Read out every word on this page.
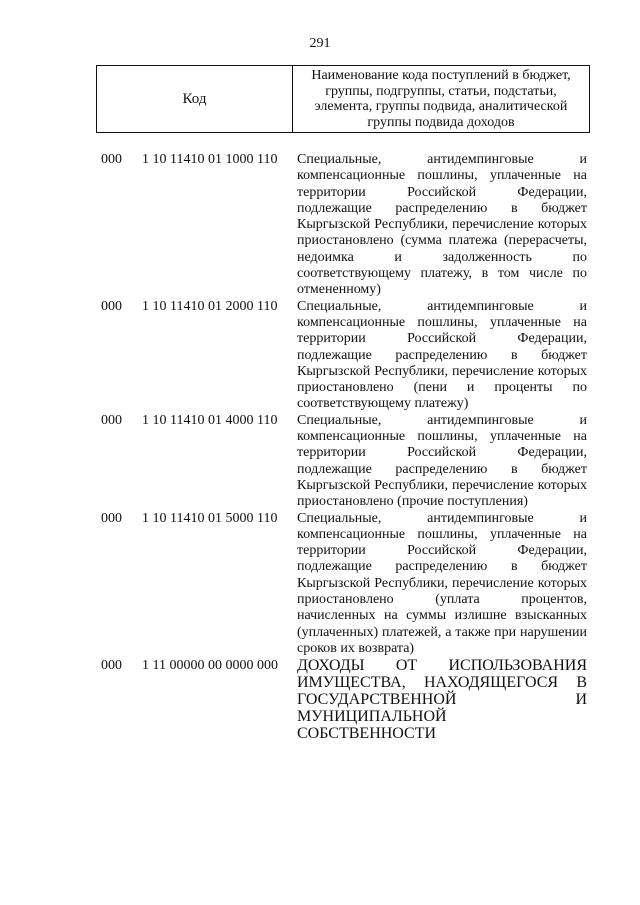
291
Код
Наименование кода поступлений в бюджет, группы, подгруппы, статьи, подстатьи, элемента, группы подвида, аналитической группы подвида доходов
000 1 10 11410 01 1000 110 Специальные, антидемпинговые и компенсационные пошлины, уплаченные на территории Российской Федерации, подлежащие распределению в бюджет Кыргызской Республики, перечисление которых приостановлено (сумма платежа (перерасчеты, недоимка и задолженность по соответствующему платежу, в том числе по отмененному)
000 1 10 11410 01 2000 110 Специальные, антидемпинговые и компенсационные пошлины, уплаченные на территории Российской Федерации, подлежащие распределению в бюджет Кыргызской Республики, перечисление которых приостановлено (пени и проценты по соответствующему платежу)
000 1 10 11410 01 4000 110 Специальные, антидемпинговые и компенсационные пошлины, уплаченные на территории Российской Федерации, подлежащие распределению в бюджет Кыргызской Республики, перечисление которых приостановлено (прочие поступления)
000 1 10 11410 01 5000 110 Специальные, антидемпинговые и компенсационные пошлины, уплаченные на территории Российской Федерации, подлежащие распределению в бюджет Кыргызской Республики, перечисление которых приостановлено (уплата процентов, начисленных на суммы излишне взысканных (уплаченных) платежей, а также при нарушении сроков их возврата)
000 1 11 00000 00 0000 000 ДОХОДЫ ОТ ИСПОЛЬЗОВАНИЯ ИМУЩЕСТВА, НАХОДЯЩЕГОСЯ В ГОСУДАРСТВЕННОЙ И МУНИЦИПАЛЬНОЙ СОБСТВЕННОСТИ
